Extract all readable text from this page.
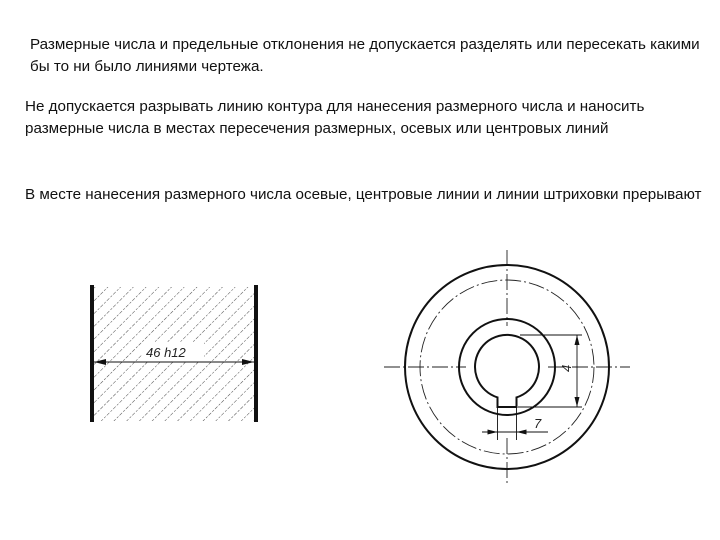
Размерные числа и предельные отклонения не допускается разделять или пересекать какими бы то ни было линиями чертежа.

Не допускается разрывать линию контура для нанесения размерного числа и наносить размерные числа в местах пересечения размерных, осевых или центровых линий

В месте нанесения размерного числа осевые, центровые линии и линии штриховки прерывают

46 h12
4
7
